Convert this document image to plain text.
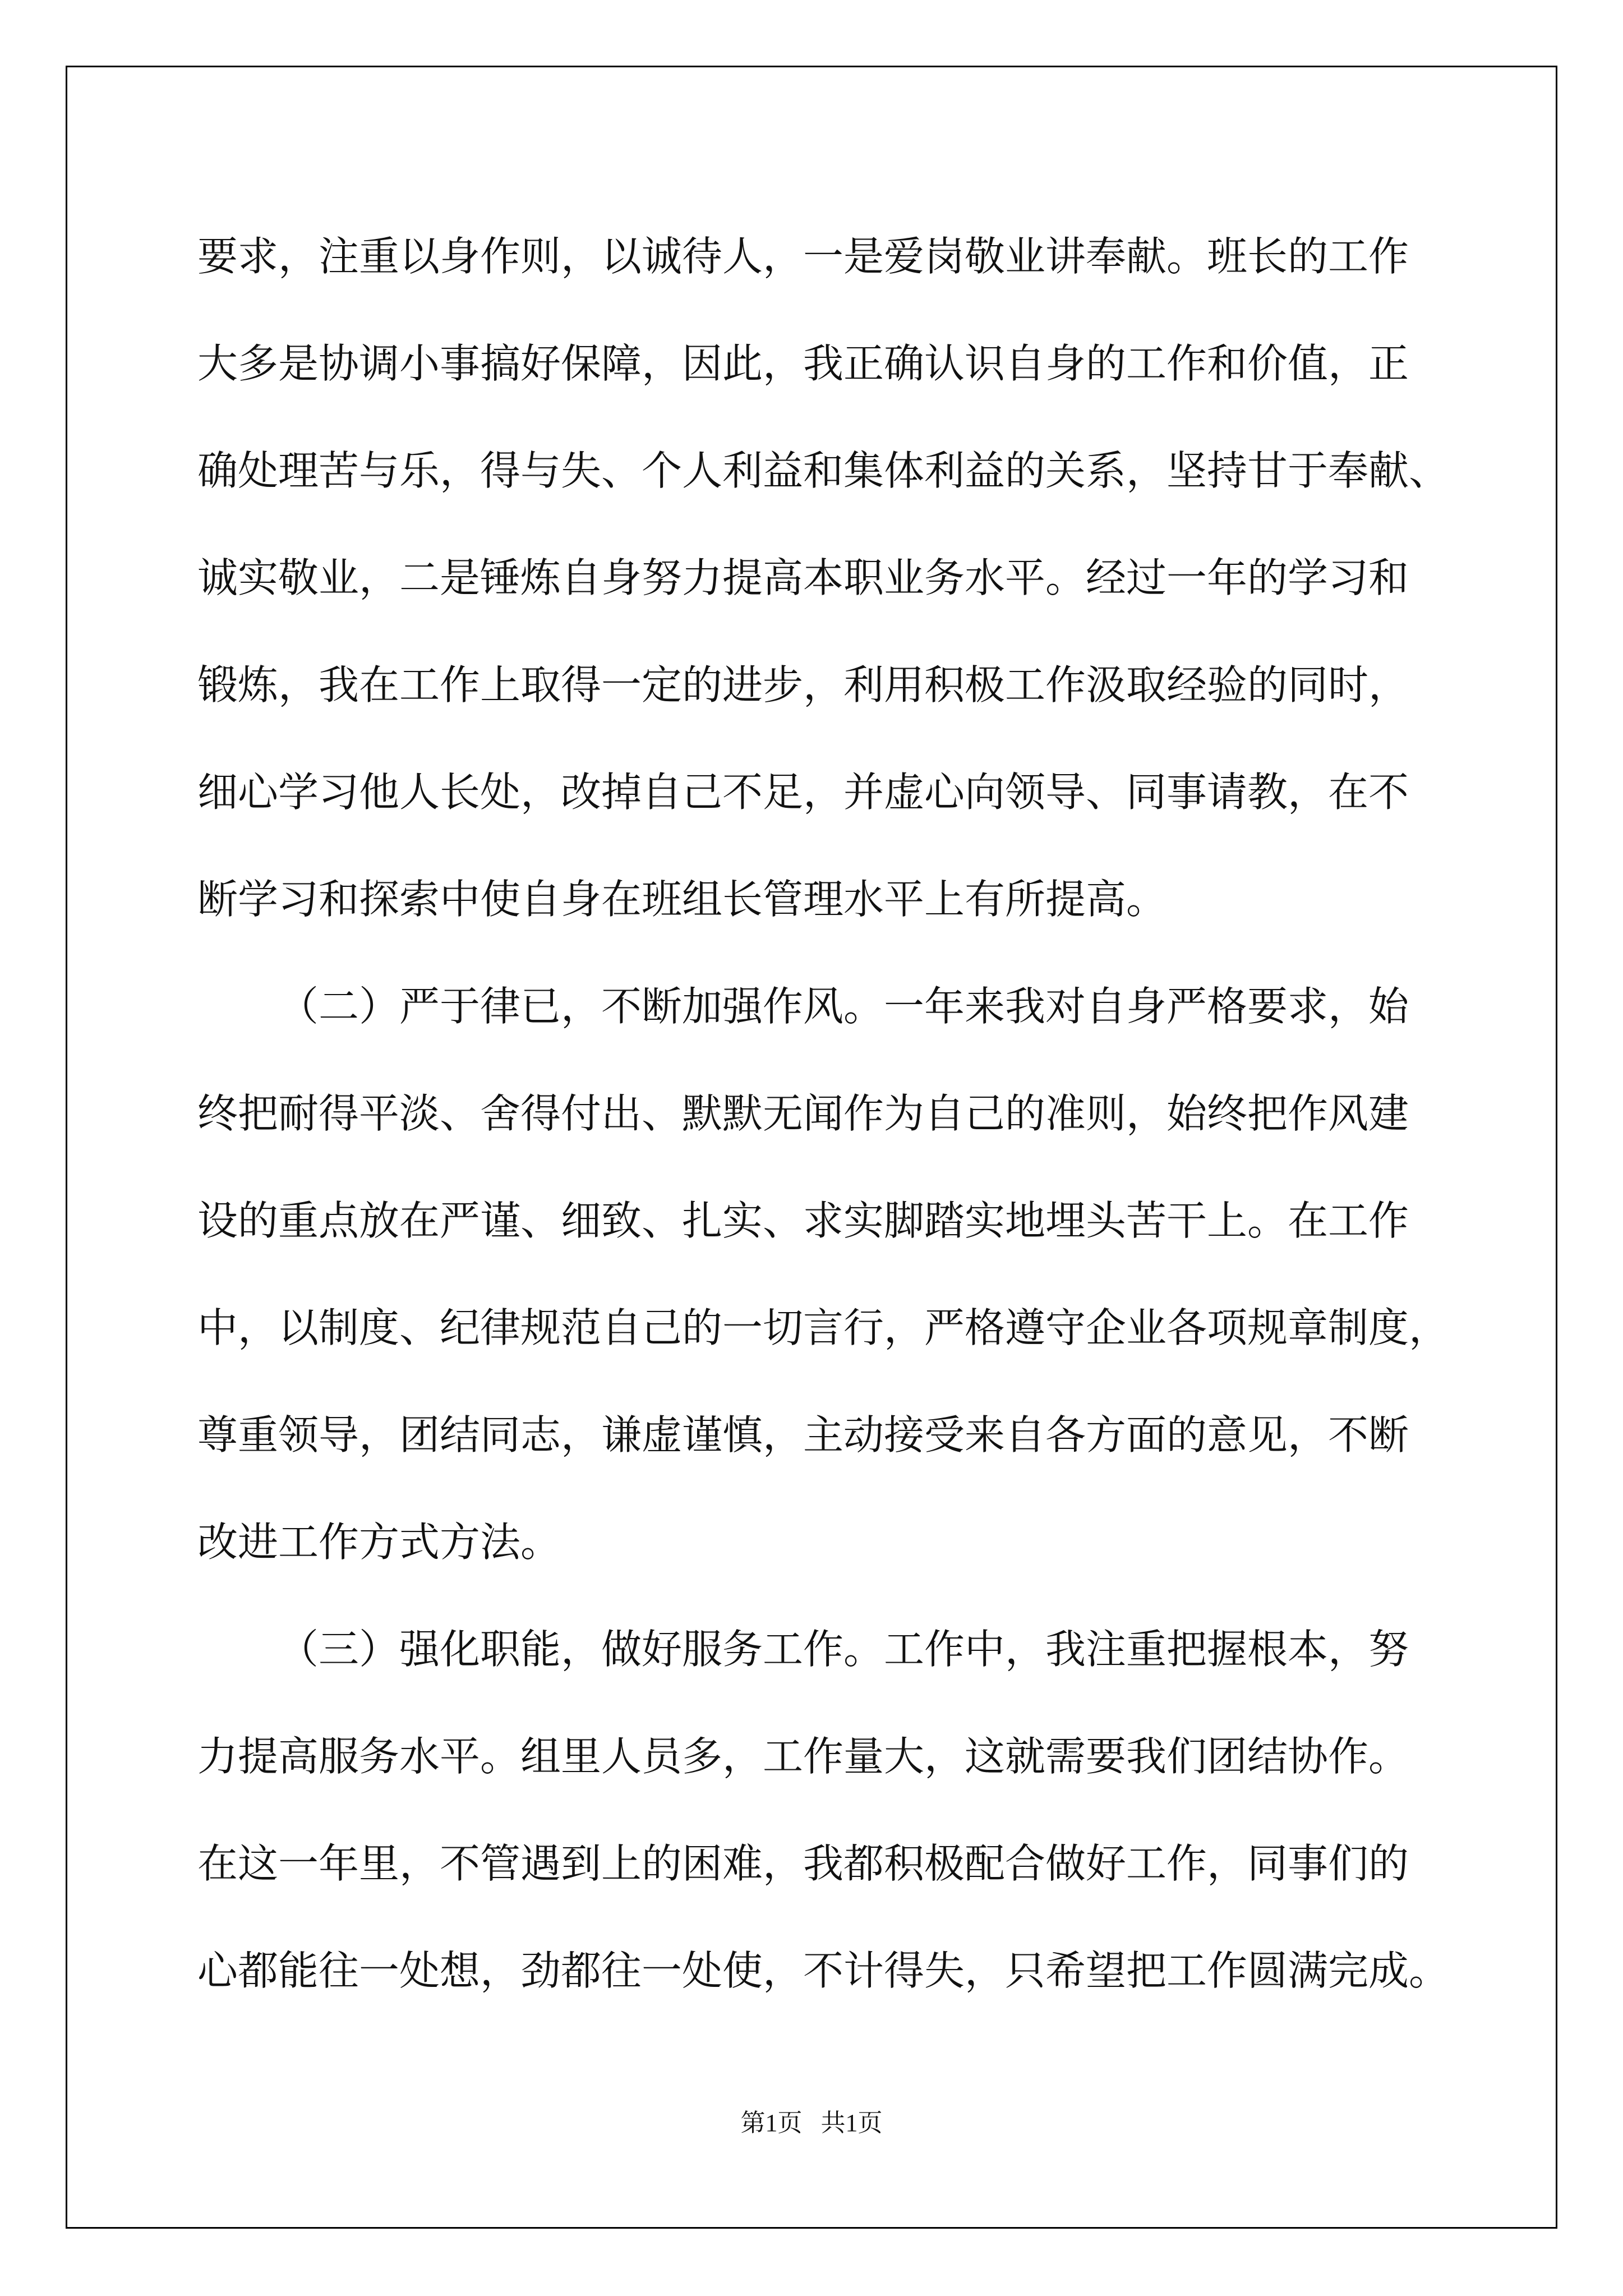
要求，注重以身作则，以诚待人，一是爱岗敬业讲奉献。班长的工作
大多是协调小事搞好保障，因此，我正确认识自身的工作和价值，正
确处理苦与乐，得与失、个人利益和集体利益的关系，坚持甘于奉献、
诚实敬业，二是锤炼自身努力提高本职业务水平。经过一年的学习和
锻炼，我在工作上取得一定的进步，利用积极工作汲取经验的同时，
细心学习他人长处，改掉自己不足，并虚心向领导、同事请教，在不
断学习和探索中使自身在班组长管理水平上有所提高。
（二）严于律已，不断加强作风。一年来我对自身严格要求，始
终把耐得平淡、舍得付出、默默无闻作为自己的准则，始终把作风建
设的重点放在严谨、细致、扎实、求实脚踏实地埋头苦干上。在工作
中，以制度、纪律规范自己的一切言行，严格遵守企业各项规章制度，
尊重领导，团结同志，谦虚谨慎，主动接受来自各方面的意见，不断
改进工作方式方法。
（三）强化职能，做好服务工作。工作中，我注重把握根本，努
力提高服务水平。组里人员多，工作量大，这就需要我们团结协作。
在这一年里，不管遇到上的困难，我都积极配合做好工作，同事们的
心都能往一处想，劲都往一处使，不计得失，只希望把工作圆满完成。
第1页 共1页
